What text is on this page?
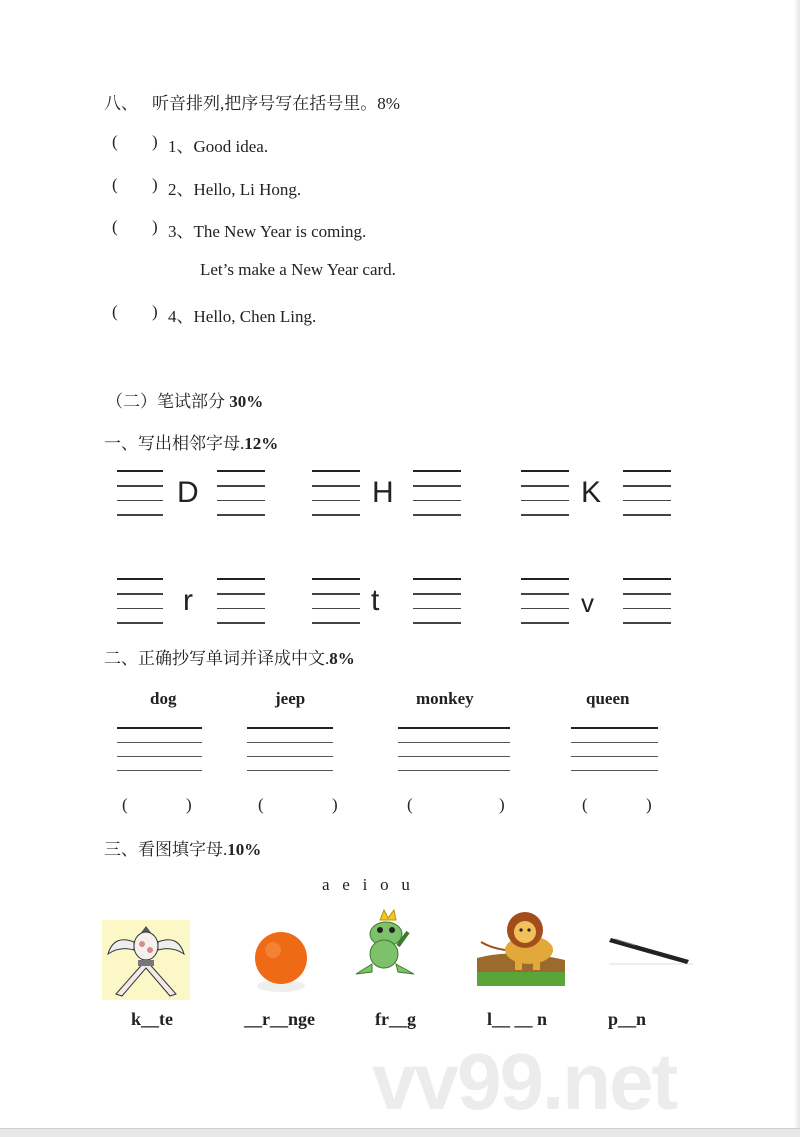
八、 听音排列,把序号写在括号里。8%
( ) 1、Good idea.
( ) 2、Hello, Li Hong.
( ) 3、The New Year is coming.
Let’s make a New Year card.
( ) 4、Hello, Chen Ling.
（二）笔试部分 30%
一、写出相邻字母.12%
D	H	K
r	t	v
二、正确抄写单词并译成中文.8%
dog	jeep	monkey	queen
(	)	(	)	(	)	(	)
三、看图填字母.10%
a   e   i   o   u
k__te	__r__nge	fr__g	l__ __ n	p__n
vv99.net
